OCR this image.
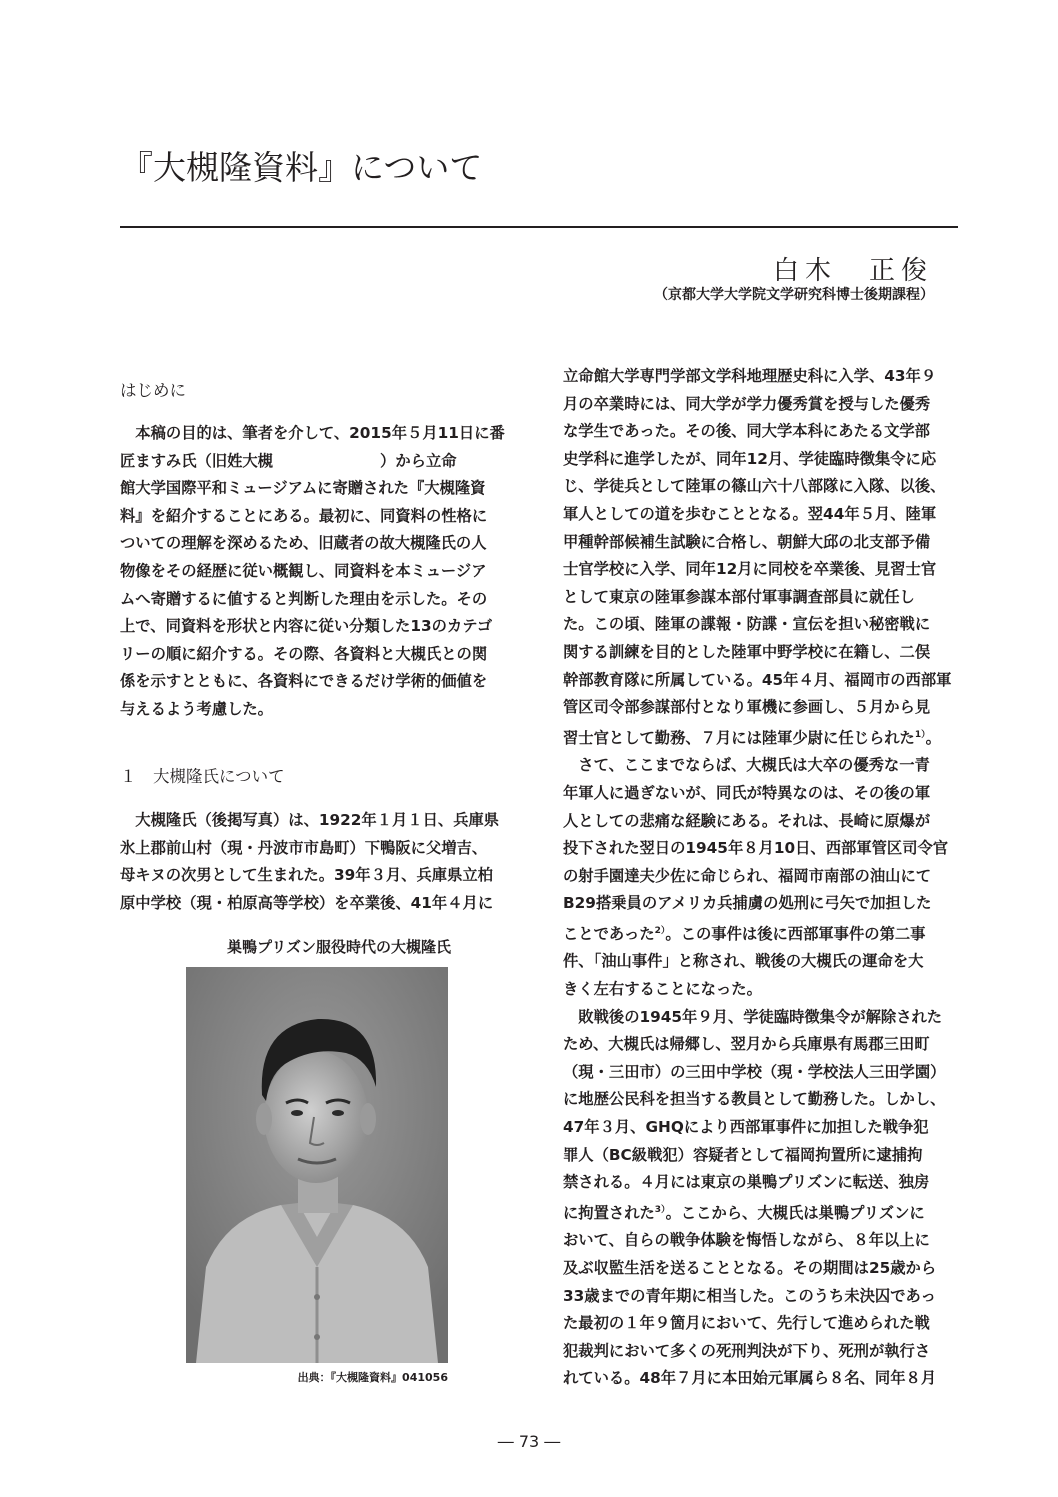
『大槻隆資料』について
白木　正俊
（京都大学大学院文学研究科博士後期課程）
はじめに
　本稿の目的は、筆者を介して、2015年５月11日に番
匠ますみ氏（旧姓大槻　　　　　　　）から立命
館大学国際平和ミュージアムに寄贈された『大槻隆資
料』を紹介することにある。最初に、同資料の性格に
ついての理解を深めるため、旧蔵者の故大槻隆氏の人
物像をその経歴に従い概観し、同資料を本ミュージア
ムへ寄贈するに値すると判断した理由を示した。その
上で、同資料を形状と内容に従い分類した13のカテゴ
リーの順に紹介する。その際、各資料と大槻氏との関
係を示すとともに、各資料にできるだけ学術的価値を
与えるよう考慮した。
１　大槻隆氏について
　大槻隆氏（後掲写真）は、1922年１月１日、兵庫県
氷上郡前山村（現・丹波市市島町）下鴨阪に父増吉、
母キヌの次男として生まれた。39年３月、兵庫県立柏
原中学校（現・柏原高等学校）を卒業後、41年４月に
巣鴨プリズン服役時代の大槻隆氏
出典：『大槻隆資料』041056
立命館大学専門学部文学科地理歴史科に入学、43年９
月の卒業時には、同大学が学力優秀賞を授与した優秀
な学生であった。その後、同大学本科にあたる文学部
史学科に進学したが、同年12月、学徒臨時徴集令に応
じ、学徒兵として陸軍の篠山六十八部隊に入隊、以後、
軍人としての道を歩むこととなる。翌44年５月、陸軍
甲種幹部候補生試験に合格し、朝鮮大邱の北支部予備
士官学校に入学、同年12月に同校を卒業後、見習士官
として東京の陸軍参謀本部付軍事調査部員に就任し
た。この頃、陸軍の諜報・防諜・宣伝を担い秘密戦に
関する訓練を目的とした陸軍中野学校に在籍し、二俣
幹部教育隊に所属している。45年４月、福岡市の西部軍
管区司令部参謀部付となり軍機に参画し、５月から見
習士官として勤務、７月には陸軍少尉に任じられた$^{1)}$。
　さて、ここまでならば、大槻氏は大卒の優秀な一青
年軍人に過ぎないが、同氏が特異なのは、その後の軍
人としての悲痛な経験にある。それは、長崎に原爆が
投下された翌日の1945年８月10日、西部軍管区司令官
の射手園達夫少佐に命じられ、福岡市南部の油山にて
B29搭乗員のアメリカ兵捕虜の処刑に弓矢で加担した
ことであった$^{2)}$。この事件は後に西部軍事件の第二事
件、「油山事件」と称され、戦後の大槻氏の運命を大
きく左右することになった。
　敗戦後の1945年９月、学徒臨時徴集令が解除された
ため、大槻氏は帰郷し、翌月から兵庫県有馬郡三田町
（現・三田市）の三田中学校（現・学校法人三田学園）
に地歴公民科を担当する教員として勤務した。しかし、
47年３月、GHQにより西部軍事件に加担した戦争犯
罪人（BC級戦犯）容疑者として福岡拘置所に逮捕拘
禁される。４月には東京の巣鴨プリズンに転送、独房
に拘置された$^{3)}$。ここから、大槻氏は巣鴨プリズンに
おいて、自らの戦争体験を悔悟しながら、８年以上に
及ぶ収監生活を送ることとなる。その期間は25歳から
33歳までの青年期に相当した。このうち未決囚であっ
た最初の１年９箇月において、先行して進められた戦
犯裁判において多くの死刑判決が下り、死刑が執行さ
れている。48年７月に本田始元軍属ら８名、同年８月
― 73 ―
